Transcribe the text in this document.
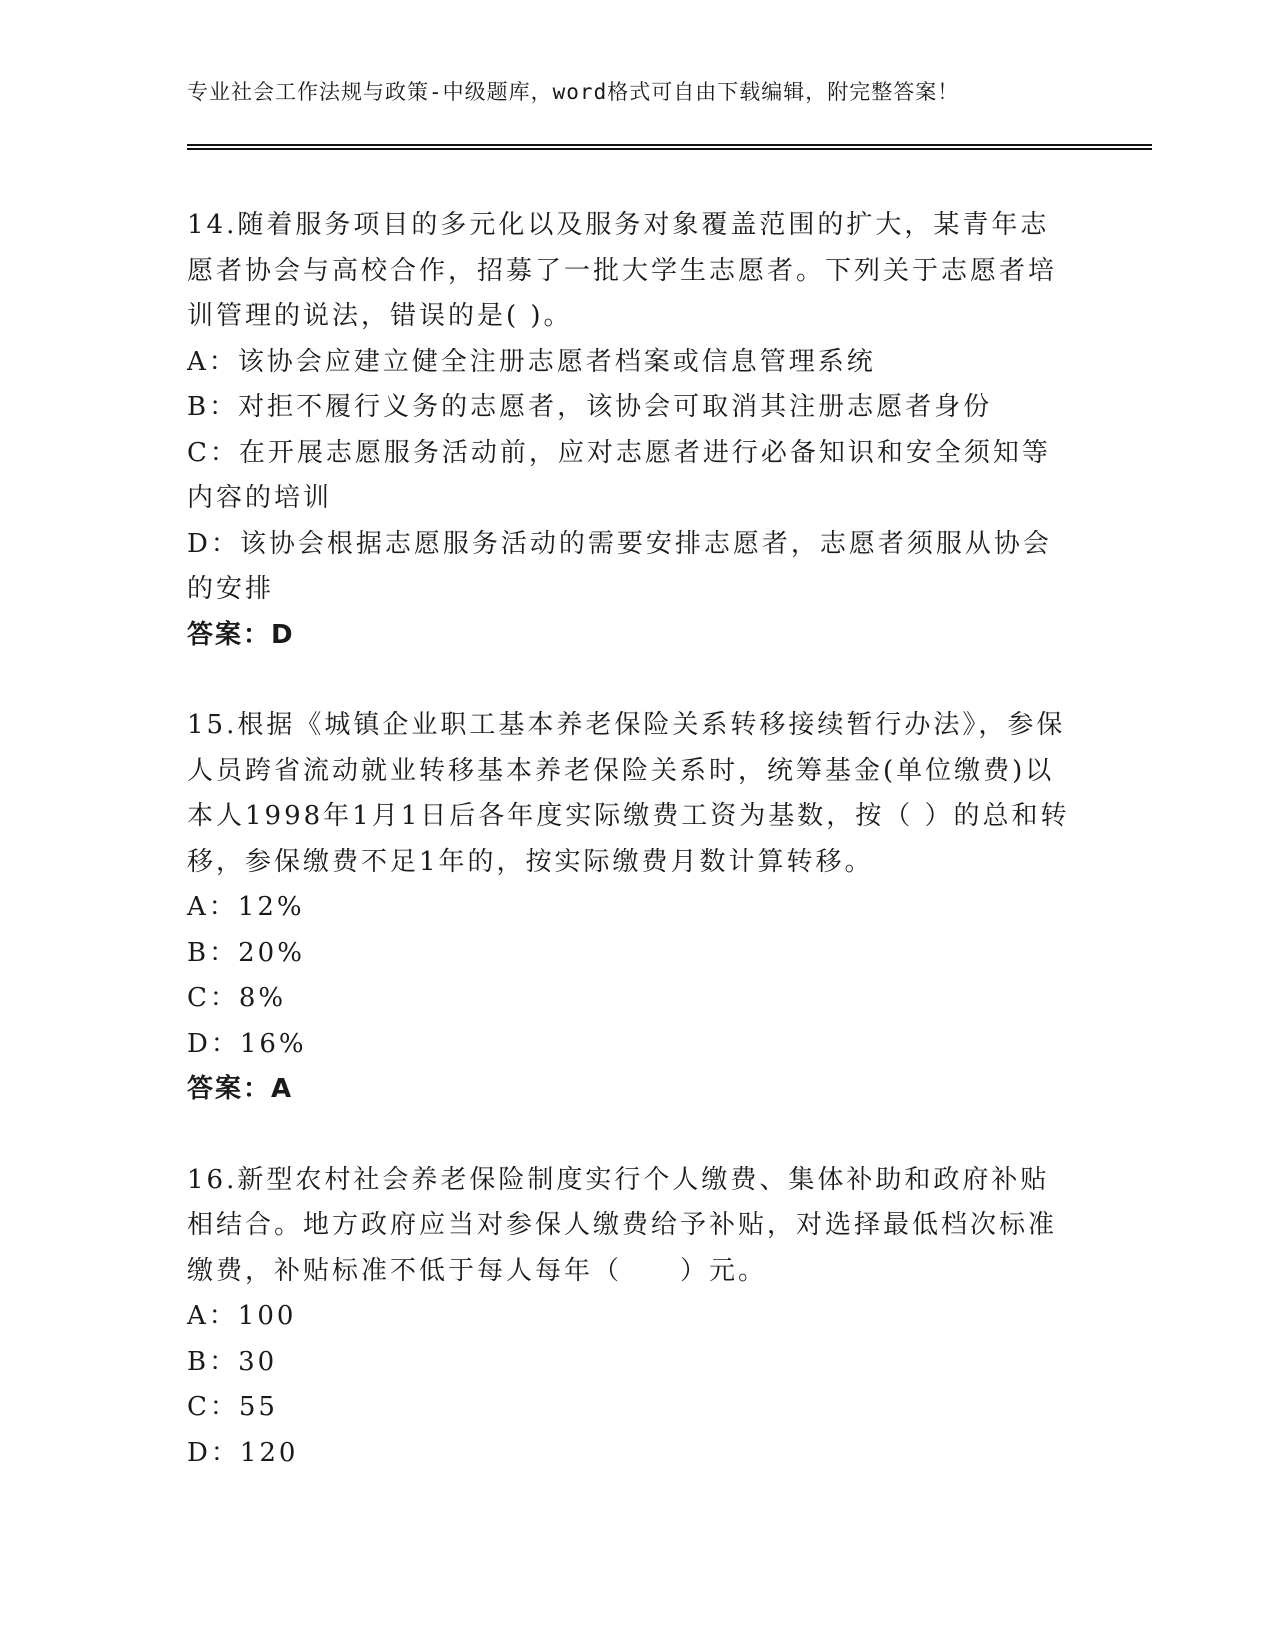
专业社会工作法规与政策-中级题库，word格式可自由下载编辑，附完整答案！

14.随着服务项目的多元化以及服务对象覆盖范围的扩大，某青年志愿者协会与高校合作，招募了一批大学生志愿者。下列关于志愿者培训管理的说法，错误的是( )。

A：该协会应建立健全注册志愿者档案或信息管理系统

B：对拒不履行义务的志愿者，该协会可取消其注册志愿者身份

C：在开展志愿服务活动前，应对志愿者进行必备知识和安全须知等内容的培训

D：该协会根据志愿服务活动的需要安排志愿者，志愿者须服从协会的安排

答案：D

15.根据《城镇企业职工基本养老保险关系转移接续暂行办法》，参保人员跨省流动就业转移基本养老保险关系时，统筹基金(单位缴费)以本人1998年1月1日后各年度实际缴费工资为基数，按（ ）的总和转移，参保缴费不足1年的，按实际缴费月数计算转移。

A：12%

B：20%

C：8%

D：16%

答案：A

16.新型农村社会养老保险制度实行个人缴费、集体补助和政府补贴相结合。地方政府应当对参保人缴费给予补贴，对选择最低档次标准缴费，补贴标准不低于每人每年（　　）元。

A：100

B：30

C：55

D：120
